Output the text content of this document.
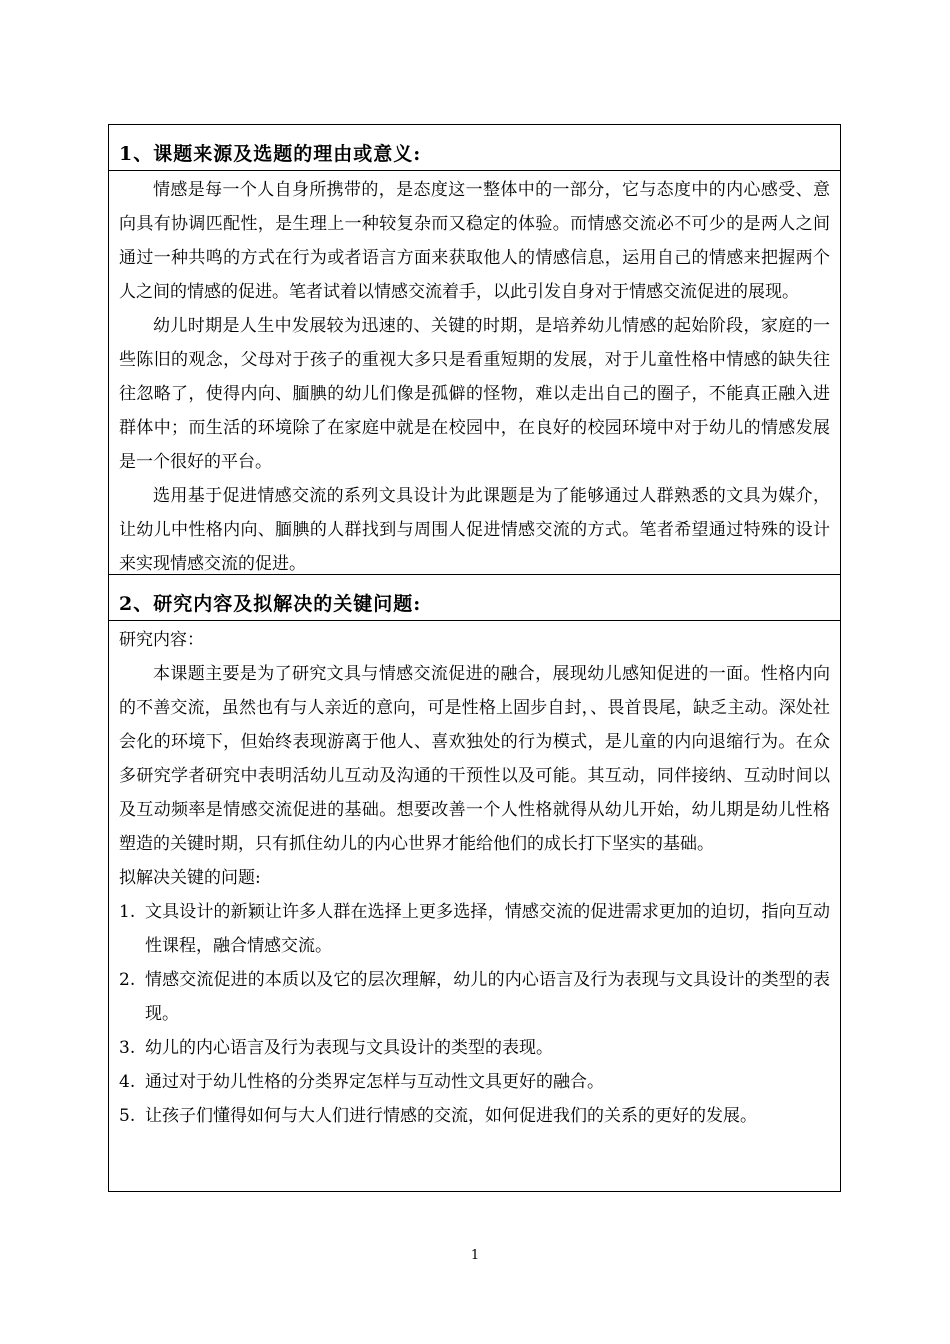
1、课题来源及选题的理由或意义:

情感是每一个人自身所携带的，是态度这一整体中的一部分，它与态度中的内心感受、意向具有协调匹配性，是生理上一种较复杂而又稳定的体验。而情感交流必不可少的是两人之间通过一种共鸣的方式在行为或者语言方面来获取他人的情感信息，运用自己的情感来把握两个人之间的情感的促进。笔者试着以情感交流着手，以此引发自身对于情感交流促进的展现。

幼儿时期是人生中发展较为迅速的、关键的时期，是培养幼儿情感的起始阶段，家庭的一些陈旧的观念，父母对于孩子的重视大多只是看重短期的发展，对于儿童性格中情感的缺失往往忽略了，使得内向、腼腆的幼儿们像是孤僻的怪物，难以走出自己的圈子，不能真正融入进群体中；而生活的环境除了在家庭中就是在校园中，在良好的校园环境中对于幼儿的情感发展是一个很好的平台。

选用基于促进情感交流的系列文具设计为此课题是为了能够通过人群熟悉的文具为媒介，让幼儿中性格内向、腼腆的人群找到与周围人促进情感交流的方式。笔者希望通过特殊的设计来实现情感交流的促进。

2、研究内容及拟解决的关键问题:

研究内容：

本课题主要是为了研究文具与情感交流促进的融合，展现幼儿感知促进的一面。性格内向的不善交流，虽然也有与人亲近的意向，可是性格上固步自封，、畏首畏尾，缺乏主动。深处社会化的环境下，但始终表现游离于他人、喜欢独处的行为模式，是儿童的内向退缩行为。在众多研究学者研究中表明活幼儿互动及沟通的干预性以及可能。其互动，同伴接纳、互动时间以及互动频率是情感交流促进的基础。想要改善一个人性格就得从幼儿开始，幼儿期是幼儿性格塑造的关键时期，只有抓住幼儿的内心世界才能给他们的成长打下坚实的基础。

拟解决关键的问题:

1. 文具设计的新颖让许多人群在选择上更多选择，情感交流的促进需求更加的迫切，指向互动性课程，融合情感交流。
2. 情感交流促进的本质以及它的层次理解，幼儿的内心语言及行为表现与文具设计的类型的表现。
3. 幼儿的内心语言及行为表现与文具设计的类型的表现。
4. 通过对于幼儿性格的分类界定怎样与互动性文具更好的融合。
5. 让孩子们懂得如何与大人们进行情感的交流，如何促进我们的关系的更好的发展。
1
